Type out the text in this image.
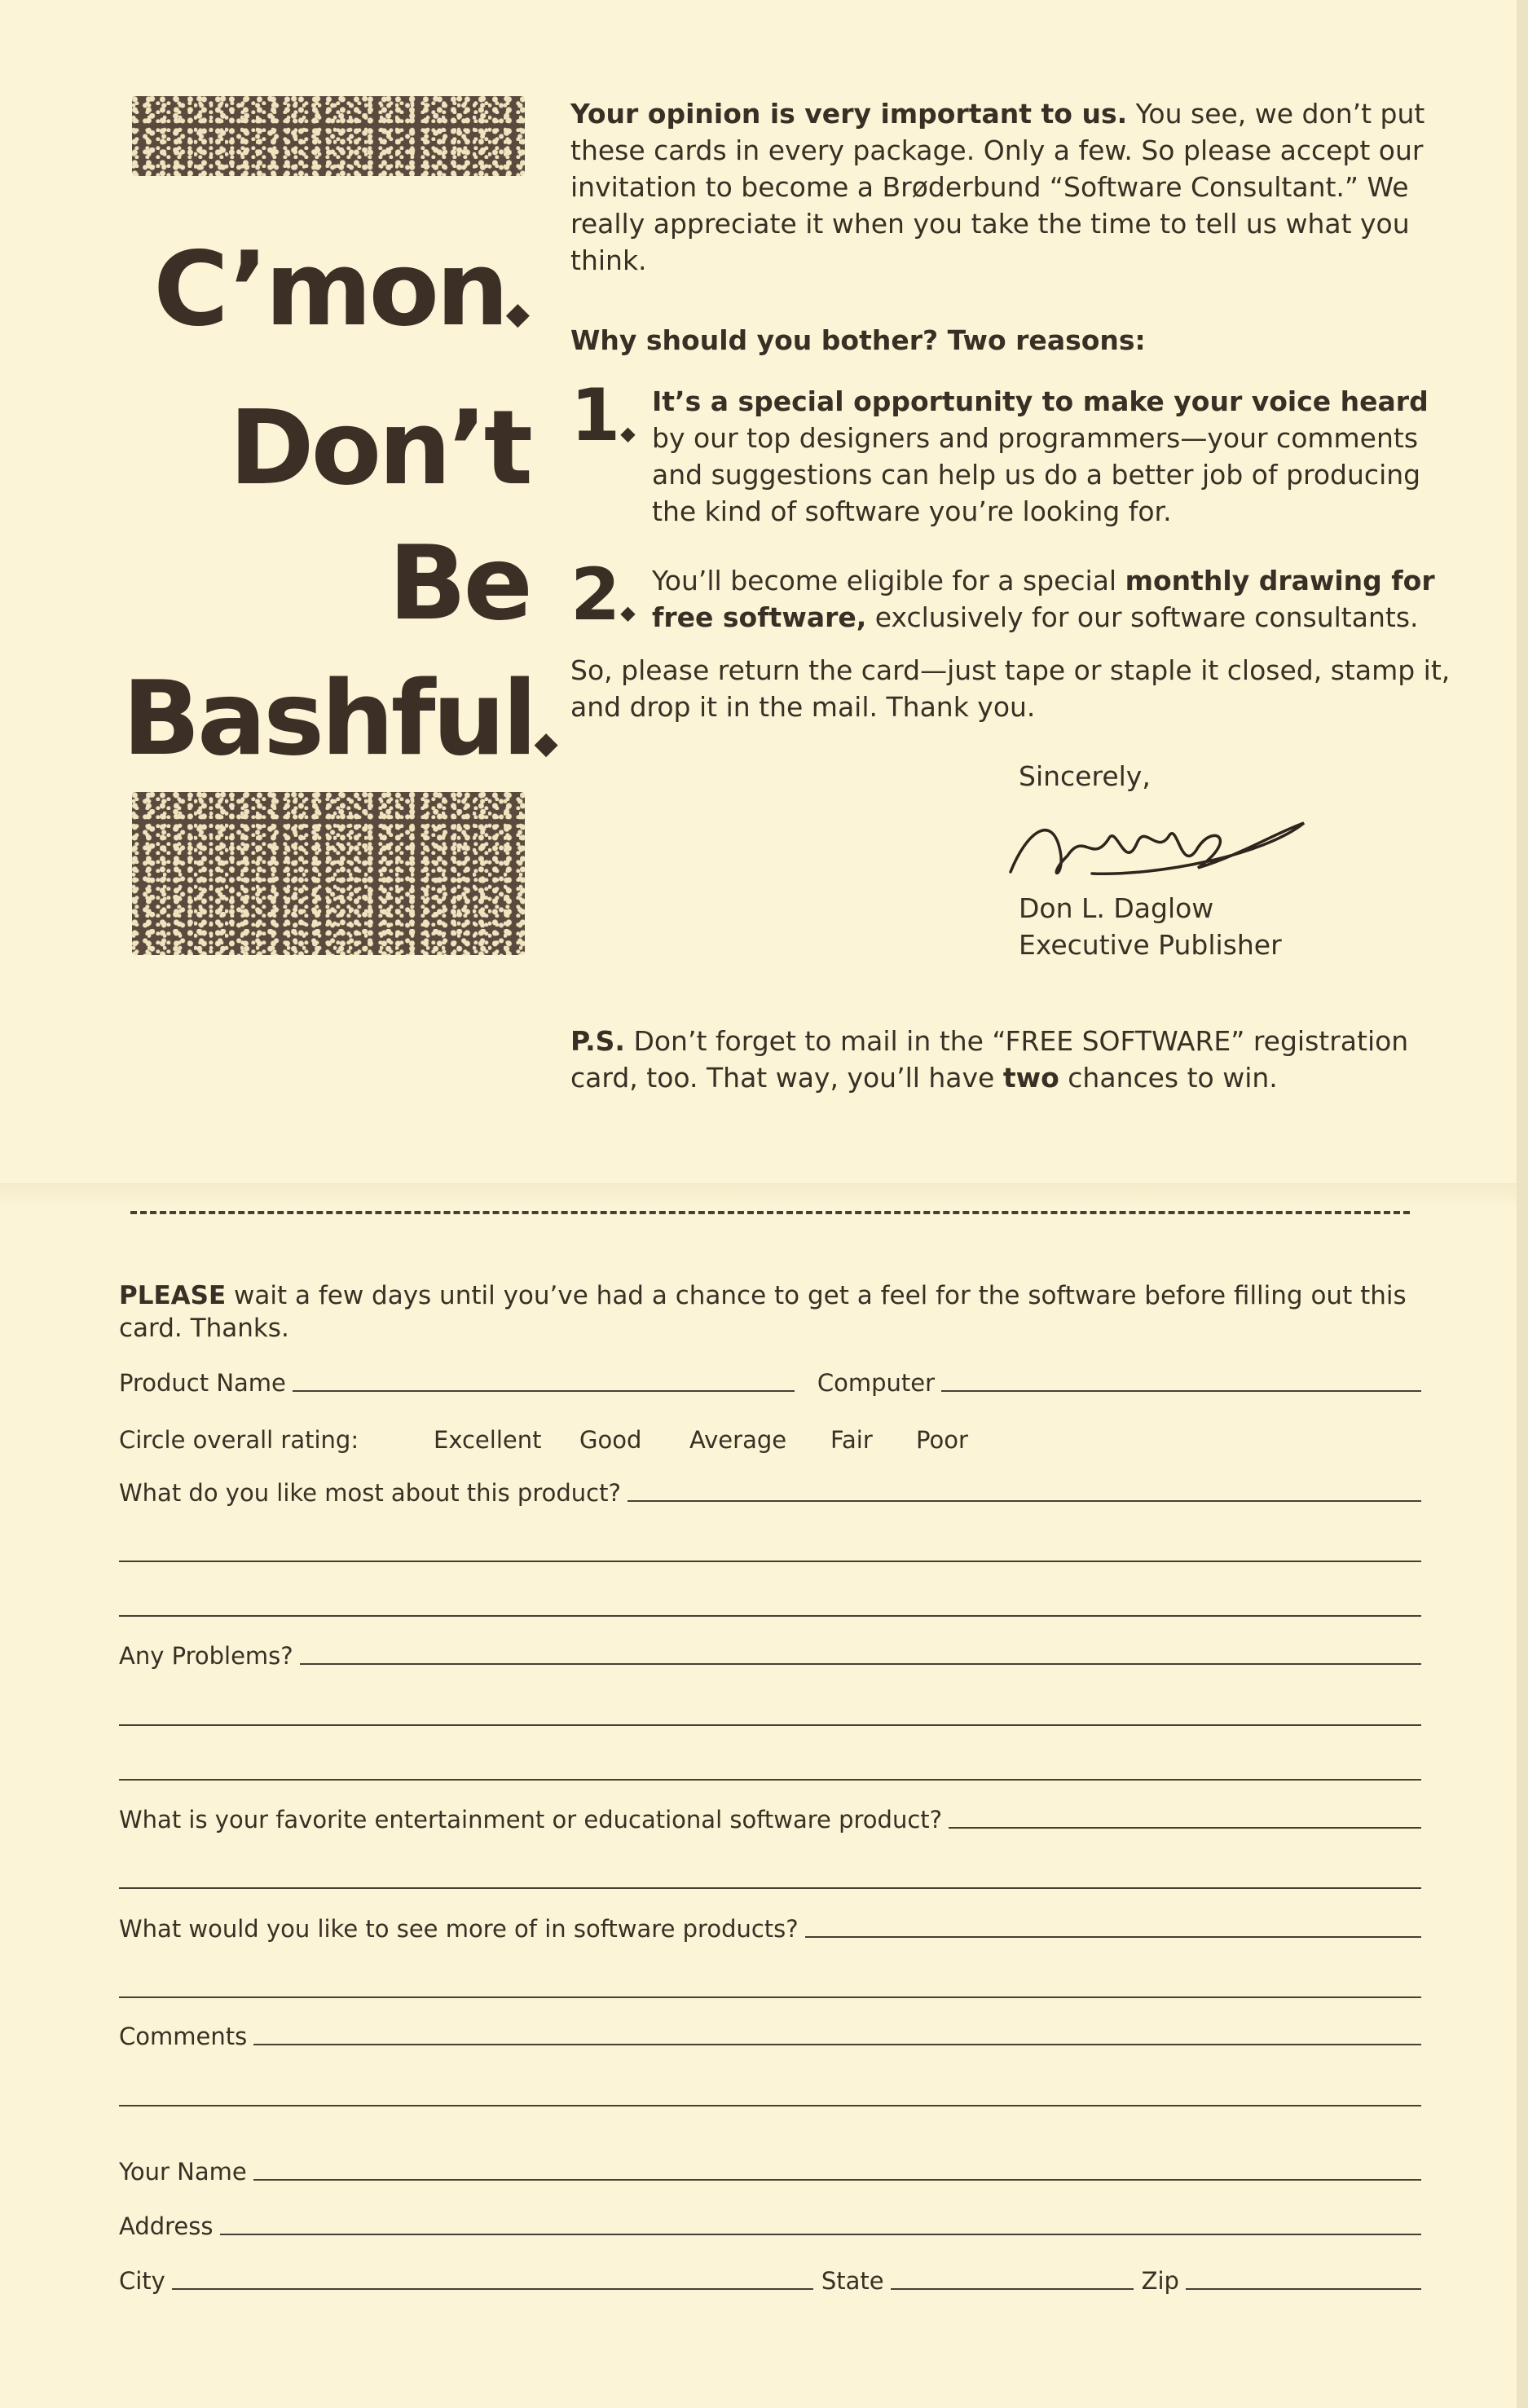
C’mon◆
Don’t
Be
Bashful◆
Your opinion is very important to us. You see, we don’t put these cards in every package. Only a few. So please accept our invitation to become a Brøderbund “Software Consultant.” We really appreciate it when you take the time to tell us what you think.
Why should you bother? Two reasons:
1◆
It’s a special opportunity to make your voice heard by our top designers and programmers—your comments and suggestions can help us do a better job of producing the kind of software you’re looking for.
2◆
You’ll become eligible for a special monthly drawing for free software, exclusively for our software consultants.
So, please return the card—just tape or staple it closed, stamp it, and drop it in the mail. Thank you.
Sincerely,
Don L. Daglow
Executive Publisher
P.S. Don’t forget to mail in the “FREE SOFTWARE” registration card, too. That way, you’ll have two chances to win.
PLEASE wait a few days until you’ve had a chance to get a feel for the software before filling out this card. Thanks.
Product Name	Computer
Circle overall rating:	Excellent Good Average Fair Poor
What do you like most about this product?
Any Problems?
What is your favorite entertainment or educational software product?
What would you like to see more of in software products?
Comments
Your Name
Address
City	State	Zip
